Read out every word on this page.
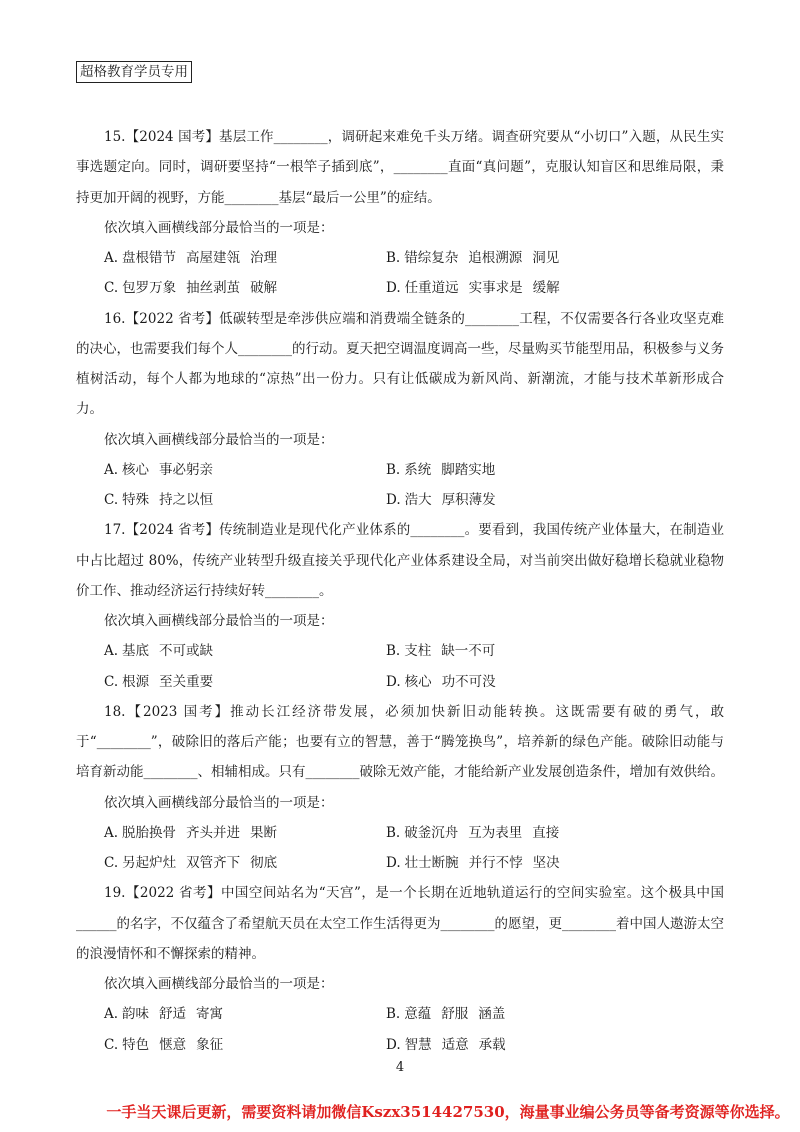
超格教育学员专用

15.【2024 国考】基层工作________，调研起来难免千头万绪。调查研究要从“小切口”入题，从民生实事选题定向。同时，调研要坚持“一根竿子插到底”，________直面“真问题”，克服认知盲区和思维局限，秉持更加开阔的视野，方能________基层“最后一公里”的症结。

依次填入画横线部分最恰当的一项是：
A. 盘根错节 高屋建瓴 治理	B. 错综复杂 追根溯源 洞见
C. 包罗万象 抽丝剥茧 破解	D. 任重道远 实事求是 缓解

16.【2022 省考】低碳转型是牵涉供应端和消费端全链条的________工程，不仅需要各行各业攻坚克难的决心，也需要我们每个人________的行动。夏天把空调温度调高一些，尽量购买节能型用品，积极参与义务植树活动，每个人都为地球的“凉热”出一份力。只有让低碳成为新风尚、新潮流，才能与技术革新形成合力。

依次填入画横线部分最恰当的一项是：
A. 核心 事必躬亲	B. 系统 脚踏实地
C. 特殊 持之以恒	D. 浩大 厚积薄发

17.【2024 省考】传统制造业是现代化产业体系的________。要看到，我国传统产业体量大，在制造业中占比超过 80%，传统产业转型升级直接关乎现代化产业体系建设全局，对当前突出做好稳增长稳就业稳物价工作、推动经济运行持续好转________。

依次填入画横线部分最恰当的一项是：
A. 基底 不可或缺	B. 支柱 缺一不可
C. 根源 至关重要	D. 核心 功不可没

18.【2023 国考】推动长江经济带发展，必须加快新旧动能转换。这既需要有破的勇气，敢于“________”，破除旧的落后产能；也要有立的智慧，善于“腾笼换鸟”，培养新的绿色产能。破除旧动能与培育新动能________、相辅相成。只有________破除无效产能，才能给新产业发展创造条件，增加有效供给。

依次填入画横线部分最恰当的一项是：
A. 脱胎换骨 齐头并进 果断	B. 破釜沉舟 互为表里 直接
C. 另起炉灶 双管齐下 彻底	D. 壮士断腕 并行不悖 坚决

19.【2022 省考】中国空间站名为“天宫”，是一个长期在近地轨道运行的空间实验室。这个极具中国______的名字，不仅蕴含了希望航天员在太空工作生活得更为________的愿望，更________着中国人遨游太空的浪漫情怀和不懈探索的精神。

依次填入画横线部分最恰当的一项是：
A. 韵味 舒适 寄寓	B. 意蕴 舒服 涵盖
C. 特色 惬意 象征	D. 智慧 适意 承载
4
一手当天课后更新，需要资料请加微信Kszx3514427530，海量事业编公务员等备考资源等你选择。
